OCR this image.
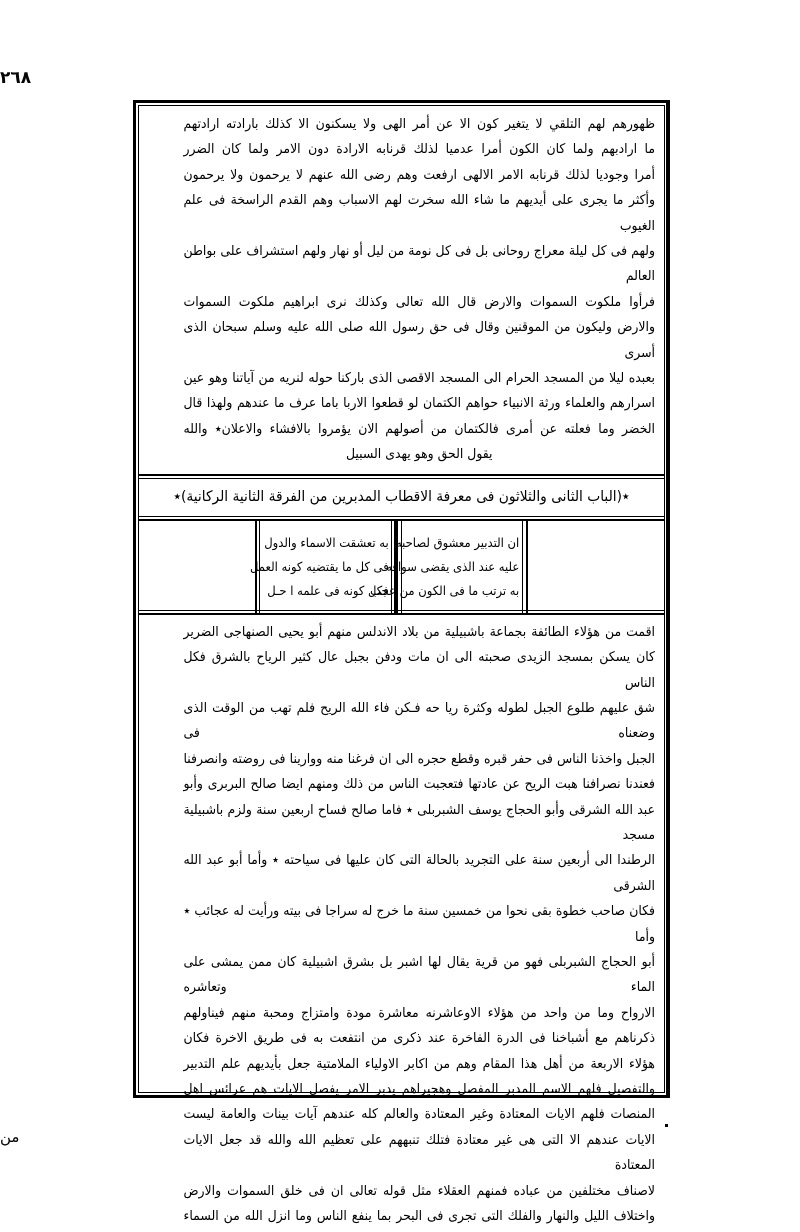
٢٦٨
ظهورهم لهم التلقي لا يتغير كون الا عن أمر الهى ولا يسكنون الا كذلك بارادته ارادتهم
ما ارادبهم ولما كان الكون أمرا عدميا لذلك قرنابه الارادة دون الامر ولما كان الضرر
أمرا وجوديا لذلك قرنابه الامر الالهى ارفعت وهم رضى الله عنهم لا يرحمون ولا يرحمون
وأكثر ما يجرى على أيديهم ما شاء الله سخرت لهم الاسباب وهم القدم الراسخة فى علم الغيوب
ولهم فى كل ليلة معراج روحانى بل فى كل نومة من ليل أو نهار ولهم استشراف على بواطن العالم
فرأوا ملكوت السموات والارض قال الله تعالى وكذلك نرى ابراهيم ملكوت السموات
والارض وليكون من الموقنين وقال فى حق رسول الله صلى الله عليه وسلم سبحان الذى أسرى
بعبده ليلا من المسجد الحرام الى المسجد الاقصى الذى باركنا حوله لنريه من آياتنا وهو عين
اسرارهم والعلماء ورثة الانبياء حواهم الكتمان لو قطعوا الاربا باما عرف ما عندهم ولهذا قال
الخضر وما فعلته عن أمرى فالكتمان من أصولهم الان يؤمروا بالافشاء والاعلان٭ والله
يقول الحق وهو يهدى السبيل
٭(الباب الثانى والثلاثون فى معرفة الاقطاب المدبرين من الفرقة الثانية الركانية)٭
ان التدبير معشوق لصاحبه
عليه عند الذى يقضى سوافه
به ترتب ما فى الكون من عجب
به تعشقت الاسماء والدول
فى كل ما يقتضيه كونه العمل
فكل كونه فى علمه ا حـل
اقمت من هؤلاء الطائفة بجماعة باشبيلية من بلاد الاندلس منهم أبو يحيى الصنهاجى الضرير
كان يسكن بمسجد الزيدى صحبته الى ان مات ودفن بجبل عال كثير الرياح بالشرق فكل الناس
شق عليهم طلوع الجبل لطوله وكثرة ريا حه فـكن فاء الله الريح فلم تهب من الوقت الذى وضعناه فى
الجبل واخذنا الناس فى حفر قبره وقطع حجره الى ان فرغنا منه ووارينا فى روضته وانصرفنا
فعندنا نصرافنا هبت الريح عن عادتها فتعجبت الناس من ذلك ومنهم ايضا صالح البربرى وأبو
عبد الله الشرقى وأبو الحجاج يوسف الشبربلى ٭ فاما صالح فساح اربعين سنة ولزم باشبيلية مسجد
الرطندا الى أربعين سنة على التجريد بالحالة التى كان عليها فى سياحته ٭ وأما أبو عبد الله الشرقى
فكان صاحب خطوة بقى نحوا من خمسين سنة ما خرج له سراجا فى بيته ورأيت له عجائب ٭ وأما
أبو الحجاج الشبربلى فهو من قرية يقال لها اشبر بل بشرق اشبيلية كان ممن يمشى على الماء وتعاشره
الارواح وما من واحد من هؤلاء الاوعاشرنه معاشرة مودة وامتزاج ومحبة منهم فيناولهم
ذكرناهم مع أشباخنا فى الدرة الفاخرة عند ذكرى من انتفعت به فى طريق الاخرة فكان
هؤلاء الاربعة من أهل هذا المقام وهم من اكابر الاولياء الملامتية جعل بأيديهم علم التدبير
والتفصيل فلهم الاسم المدبر المفصل وهجيراهم يدبر الامر يفصل الايات هم عرائس اهل
المنصات فلهم الايات المعتادة وغير المعتادة والعالم كله عندهم آيات بينات والعامة ليست
الايات عندهم الا التى هى غير معتادة فتلك تنبههم على تعظيم الله والله قد جعل الايات المعتادة
لاصناف مختلفين من عباده فمنهم العقلاء مثل قوله تعالى ان فى خلق السموات والارض
واختلاف الليل والنهار والفلك التى تجرى فى البحر بما ينفع الناس وما انزل الله من السماء
من
